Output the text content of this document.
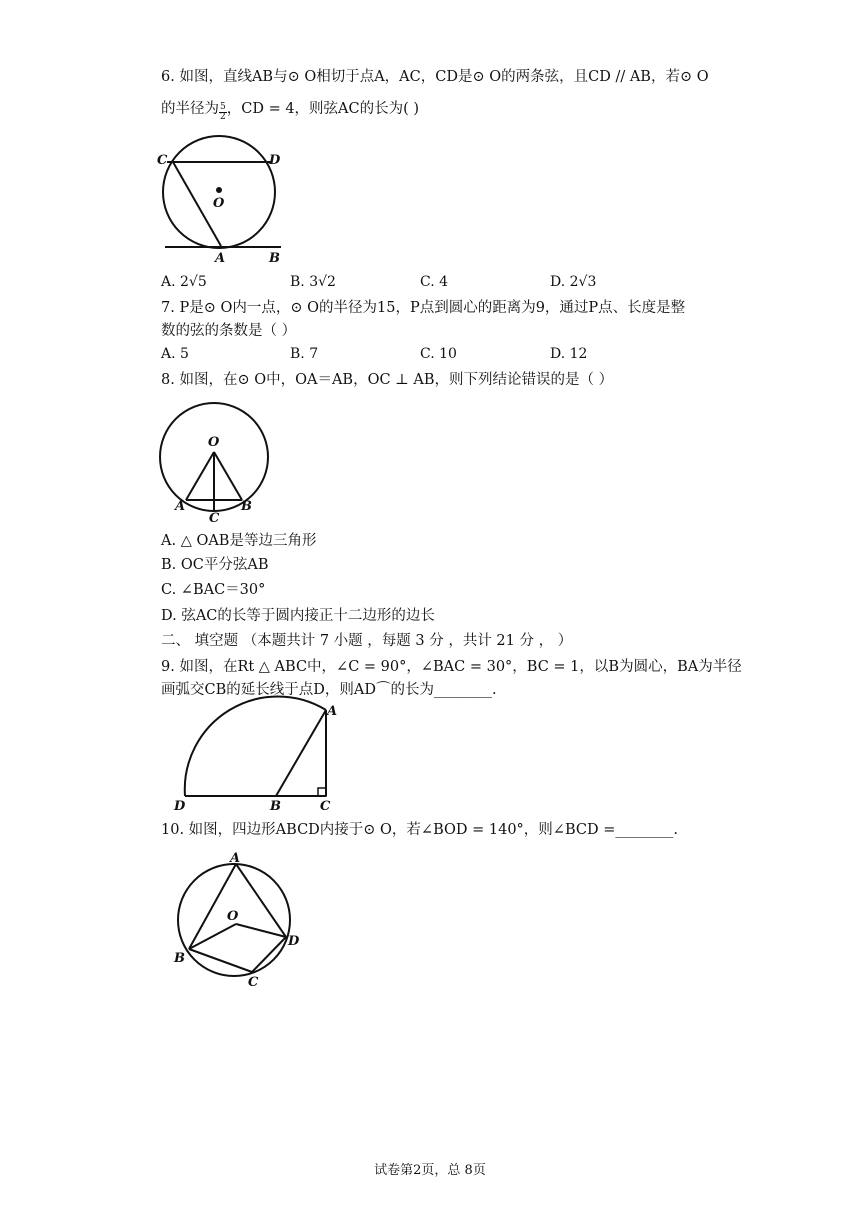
6. 如图，直线AB与⊙ O相切于点A，AC，CD是⊙ O的两条弦，且CD // AB，若⊙ O
的半径为 $\frac{5}{2}$ ，CD = 4，则弦AC的长为( )
C	D
O
A	B
A. 2√5	B. 3√2	C. 4	D. 2√3
7. P是⊙ O内一点，⊙ O的半径为15，P点到圆心的距离为9，通过P点、长度是整
数的弦的条数是（ ）
A. 5	B. 7	C. 10	D. 12
8. 如图，在⊙ O中，OA＝AB，OC ⊥ AB，则下列结论错误的是（ ）
O
A	B
C
A. △ OAB是等边三角形
B. OC平分弦AB
C. ∠BAC＝30°
D. 弦AC的长等于圆内接正十二边形的边长
二、 填空题 （本题共计 7 小题 ，每题 3 分 ，共计 21 分 ， ）
9. 如图，在Rt △ ABC中，∠C = 90°，∠BAC = 30°，BC = 1，以B为圆心，BA为半径
画弧交CB的延长线于点D，则AD⌒的长为________.
A
D	B	C
10. 如图，四边形ABCD内接于⊙ O，若∠BOD = 140°，则∠BCD =________.
A
O
D
B
C
试卷第2页，总 8页
